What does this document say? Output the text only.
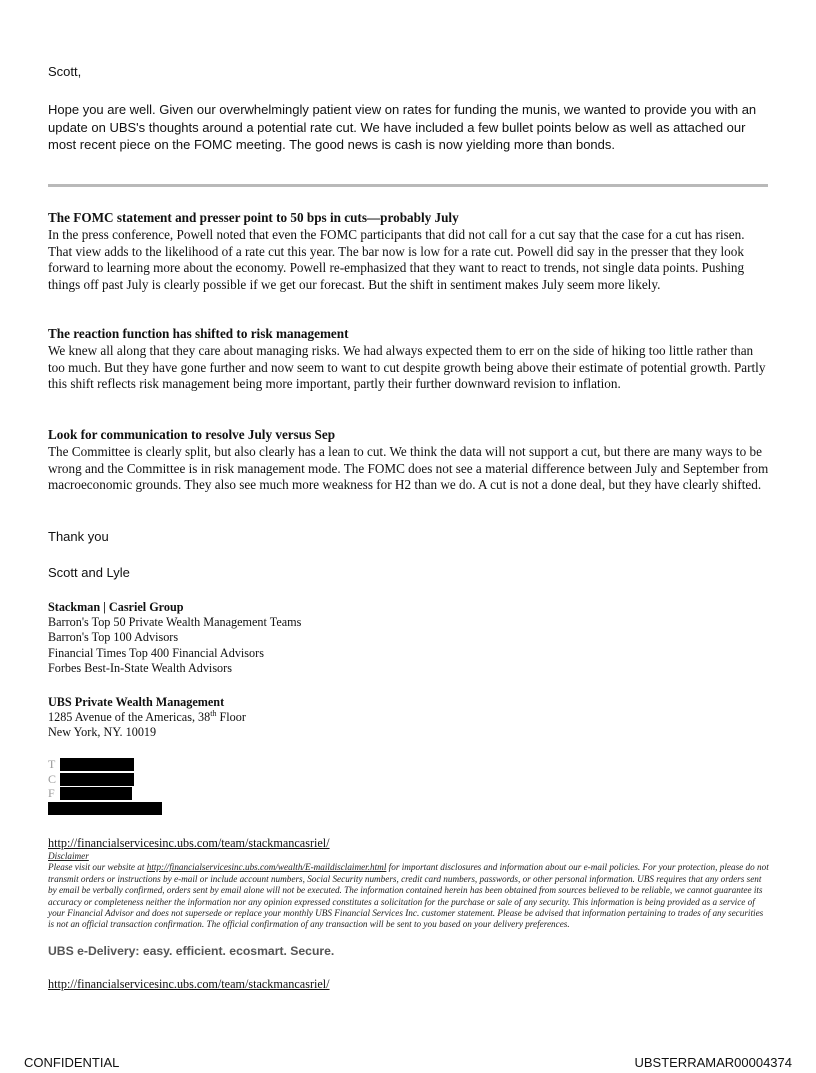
Scott,
Hope you are well. Given our overwhelmingly patient view on rates for funding the munis, we wanted to provide you with an update on UBS's thoughts around a potential rate cut. We have included a few bullet points below as well as attached our most recent piece on the FOMC meeting. The good news is cash is now yielding more than bonds.
The FOMC statement and presser point to 50 bps in cuts—probably July

In the press conference, Powell noted that even the FOMC participants that did not call for a cut say that the case for a cut has risen. That view adds to the likelihood of a rate cut this year. The bar now is low for a rate cut. Powell did say in the presser that they look forward to learning more about the economy. Powell re-emphasized that they want to react to trends, not single data points. Pushing things off past July is clearly possible if we get our forecast. But the shift in sentiment makes July seem more likely.

The reaction function has shifted to risk management

We knew all along that they care about managing risks. We had always expected them to err on the side of hiking too little rather than too much. But they have gone further and now seem to want to cut despite growth being above their estimate of potential growth. Partly this shift reflects risk management being more important, partly their further downward revision to inflation.

Look for communication to resolve July versus Sep

The Committee is clearly split, but also clearly has a lean to cut. We think the data will not support a cut, but there are many ways to be wrong and the Committee is in risk management mode. The FOMC does not see a material difference between July and September from macroeconomic grounds. They also see much more weakness for H2 than we do. A cut is not a done deal, but they have clearly shifted.

Thank you
Scott and Lyle
Stackman | Casriel Group
Barron's Top 50 Private Wealth Management Teams
Barron's Top 100 Advisors
Financial Times Top 400 Financial Advisors
Forbes Best-In-State Wealth Advisors
UBS Private Wealth Management
1285 Avenue of the Americas, 38th Floor
New York, NY. 10019
T
C
F
http://financialservicesinc.ubs.com/team/stackmancasriel/
Disclaimer
Please visit our website at http://financialservicesinc.ubs.com/wealth/E-maildisclaimer.html for important disclosures and information about our e-mail policies. For your protection, please do not transmit orders or instructions by e-mail or include account numbers, Social Security numbers, credit card numbers, passwords, or other personal information. UBS requires that any orders sent by email be verbally confirmed, orders sent by email alone will not be executed. The information contained herein has been obtained from sources believed to be reliable, we cannot guarantee its accuracy or completeness neither the information nor any opinion expressed constitutes a solicitation for the purchase or sale of any security. This information is being provided as a service of your Financial Advisor and does not supersede or replace your monthly UBS Financial Services Inc. customer statement. Please be advised that information pertaining to trades of any securities is not an official transaction confirmation. The official confirmation of any transaction will be sent to you based on your delivery preferences.
UBS e-Delivery: easy. efficient. ecosmart. Secure.
http://financialservicesinc.ubs.com/team/stackmancasriel/
CONFIDENTIAL	UBSTERRAMAR00004374
